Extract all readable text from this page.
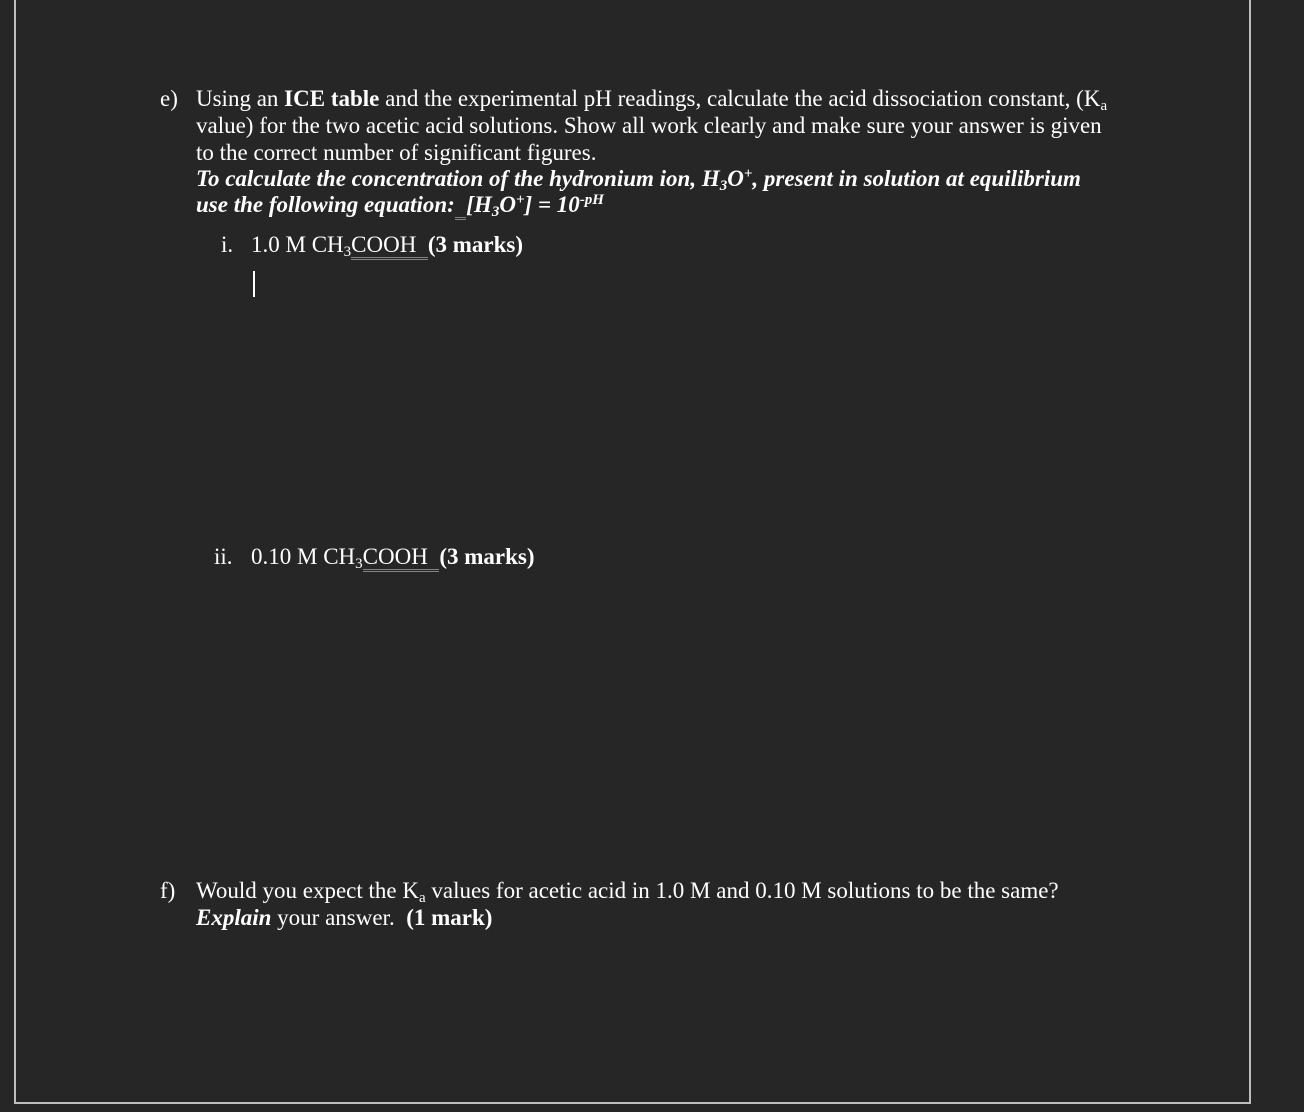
e) Using an ICE table and the experimental pH readings, calculate the acid dissociation constant, ($K_a$
value) for the two acetic acid solutions. Show all work clearly and make sure your answer is given
to the correct number of significant figures.
To calculate the concentration of the hydronium ion, $H_3O^+$, present in solution at equilibrium
use the following equation: $[H_3O^+] = 10^{-pH}$
i. 1.0 M $CH_3COOH$ (3 marks)
ii. 0.10 M $CH_3COOH$ (3 marks)
f) Would you expect the $K_a$ values for acetic acid in 1.0 M and 0.10 M solutions to be the same?
Explain your answer.  (1 mark)
